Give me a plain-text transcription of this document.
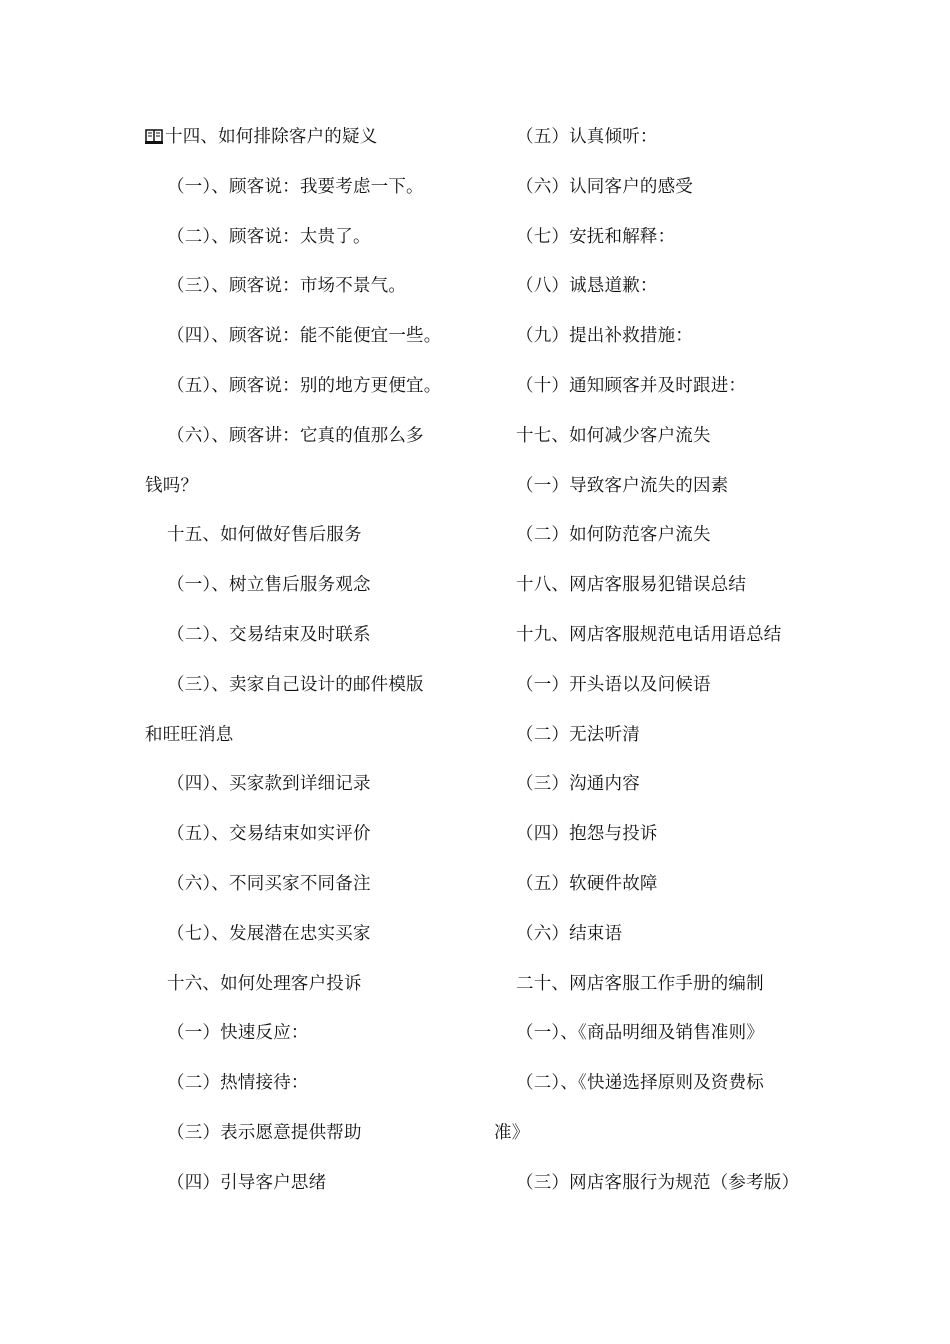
十四、如何排除客户的疑义
（一）、顾客说：我要考虑一下。
（二）、顾客说：太贵了。
（三）、顾客说：市场不景气。
（四）、顾客说：能不能便宜一些。
（五）、顾客说：别的地方更便宜。
（六）、顾客讲：它真的值那么多
钱吗？
十五、如何做好售后服务
（一）、树立售后服务观念
（二）、交易结束及时联系
（三）、卖家自己设计的邮件模版
和旺旺消息
（四）、买家款到详细记录
（五）、交易结束如实评价
（六）、不同买家不同备注
（七）、发展潜在忠实买家
十六、如何处理客户投诉
（一）快速反应：
（二）热情接待：
（三）表示愿意提供帮助
（四）引导客户思绪
（五）认真倾听：
（六）认同客户的感受
（七）安抚和解释：
（八）诚恳道歉：
（九）提出补救措施：
（十）通知顾客并及时跟进：
十七、如何减少客户流失
（一）导致客户流失的因素
（二）如何防范客户流失
十八、网店客服易犯错误总结
十九、网店客服规范电话用语总结
（一）开头语以及问候语
（二）无法听清
（三）沟通内容
（四）抱怨与投诉
（五）软硬件故障
（六）结束语
二十、网店客服工作手册的编制
（一）、《商品明细及销售准则》
（二）、《快递选择原则及资费标
准》
（三）网店客服行为规范（参考版）
